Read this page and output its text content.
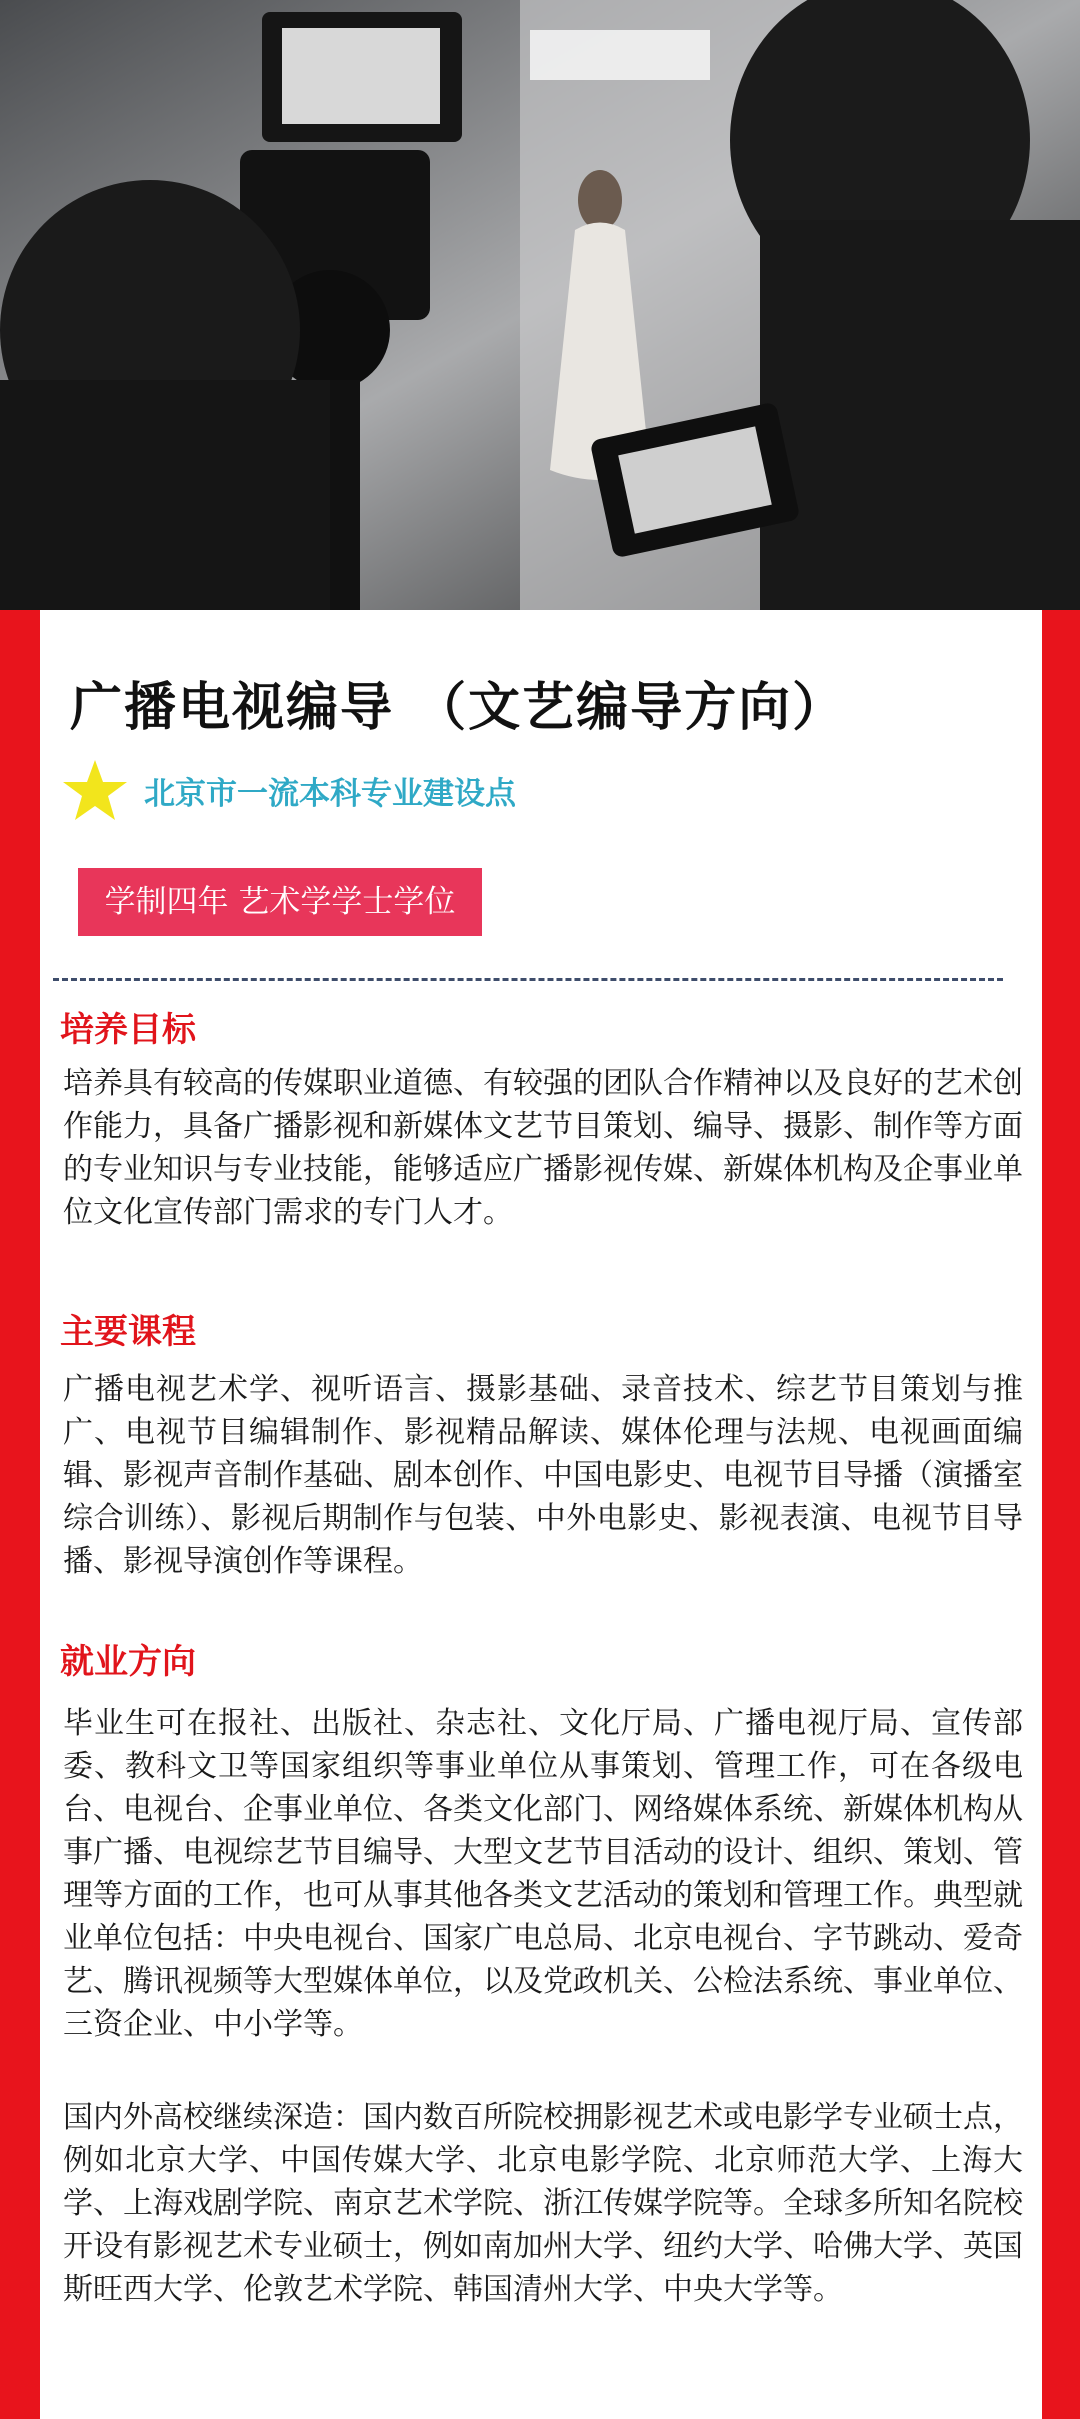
广播电视编导 （文艺编导方向）
北京市一流本科专业建设点
学制四年 艺术学学士学位
培养目标

培养具有较高的传媒职业道德、有较强的团队合作精神以及良好的艺术创作能力，具备广播影视和新媒体文艺节目策划、编导、摄影、制作等方面的专业知识与专业技能，能够适应广播影视传媒、新媒体机构及企事业单位文化宣传部门需求的专门人才。

主要课程

广播电视艺术学、视听语言、摄影基础、录音技术、综艺节目策划与推广、电视节目编辑制作、影视精品解读、媒体伦理与法规、电视画面编辑、影视声音制作基础、剧本创作、中国电影史、电视节目导播（演播室综合训练）、影视后期制作与包装、中外电影史、影视表演、电视节目导播、影视导演创作等课程。

就业方向

毕业生可在报社、出版社、杂志社、文化厅局、广播电视厅局、宣传部委、教科文卫等国家组织等事业单位从事策划、管理工作，可在各级电台、电视台、企事业单位、各类文化部门、网络媒体系统、新媒体机构从事广播、电视综艺节目编导、大型文艺节目活动的设计、组织、策划、管理等方面的工作，也可从事其他各类文艺活动的策划和管理工作。典型就业单位包括：中央电视台、国家广电总局、北京电视台、字节跳动、爱奇艺、腾讯视频等大型媒体单位，以及党政机关、公检法系统、事业单位、三资企业、中小学等。

国内外高校继续深造：国内数百所院校拥影视艺术或电影学专业硕士点，例如北京大学、中国传媒大学、北京电影学院、北京师范大学、上海大学、上海戏剧学院、南京艺术学院、浙江传媒学院等。全球多所知名院校开设有影视艺术专业硕士，例如南加州大学、纽约大学、哈佛大学、英国斯旺西大学、伦敦艺术学院、韩国清州大学、中央大学等。
